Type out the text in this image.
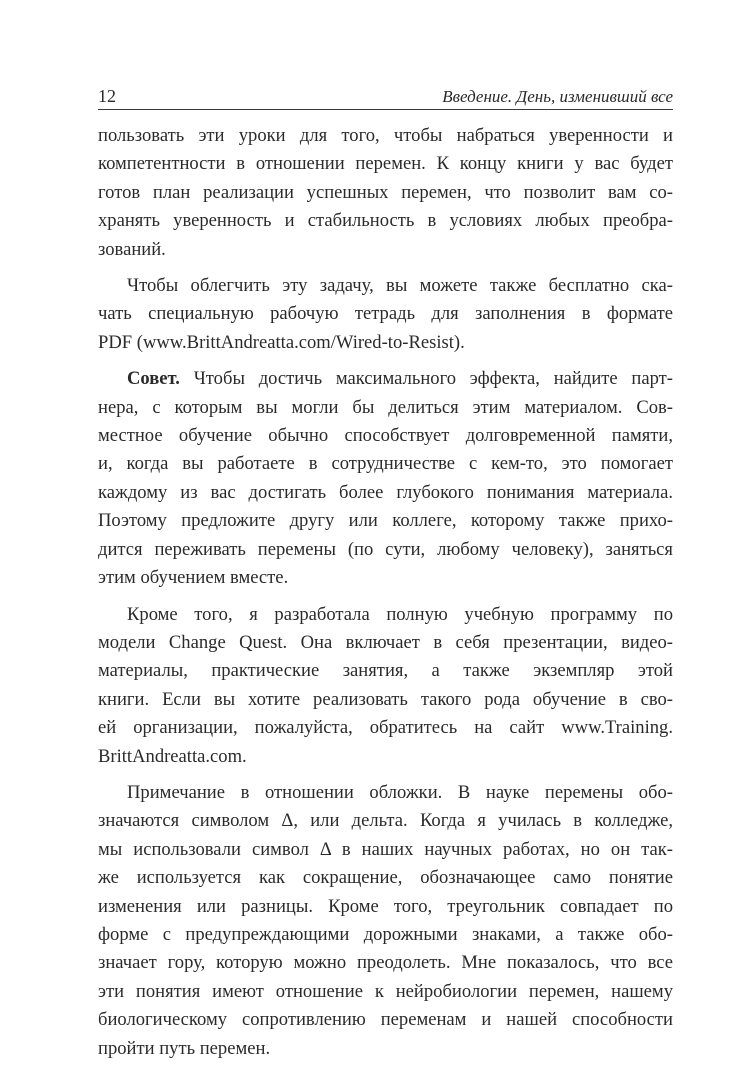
12	Введение. День, изменивший все
пользовать эти уроки для того, чтобы набраться уверенности и
компетентности в отношении перемен. К концу книги у вас будет
готов план реализации успешных перемен, что позволит вам со-
хранять уверенность и стабильность в условиях любых преобра-
зований.
Чтобы облегчить эту задачу, вы можете также бесплатно ска-
чать специальную рабочую тетрадь для заполнения в формате
PDF (www.BrittAndreatta.com/Wired-to-Resist).
Совет. Чтобы достичь максимального эффекта, найдите парт-
нера, с которым вы могли бы делиться этим материалом. Сов-
местное обучение обычно способствует долговременной памяти,
и, когда вы работаете в сотрудничестве с кем-то, это помогает
каждому из вас достигать более глубокого понимания материала.
Поэтому предложите другу или коллеге, которому также прихо-
дится переживать перемены (по сути, любому человеку), заняться
этим обучением вместе.
Кроме того, я разработала полную учебную программу по
модели Change Quest. Она включает в себя презентации, видео-
материалы, практические занятия, а также экземпляр этой
книги. Если вы хотите реализовать такого рода обучение в сво-
ей организации, пожалуйста, обратитесь на сайт www.Training.
BrittAndreatta.com.
Примечание в отношении обложки. В науке перемены обо-
значаются символом Δ, или дельта. Когда я училась в колледже,
мы использовали символ Δ в наших научных работах, но он так-
же используется как сокращение, обозначающее само понятие
изменения или разницы. Кроме того, треугольник совпадает по
форме с предупреждающими дорожными знаками, а также обо-
значает гору, которую можно преодолеть. Мне показалось, что все
эти понятия имеют отношение к нейробиологии перемен, нашему
биологическому сопротивлению переменам и нашей способности
пройти путь перемен.
